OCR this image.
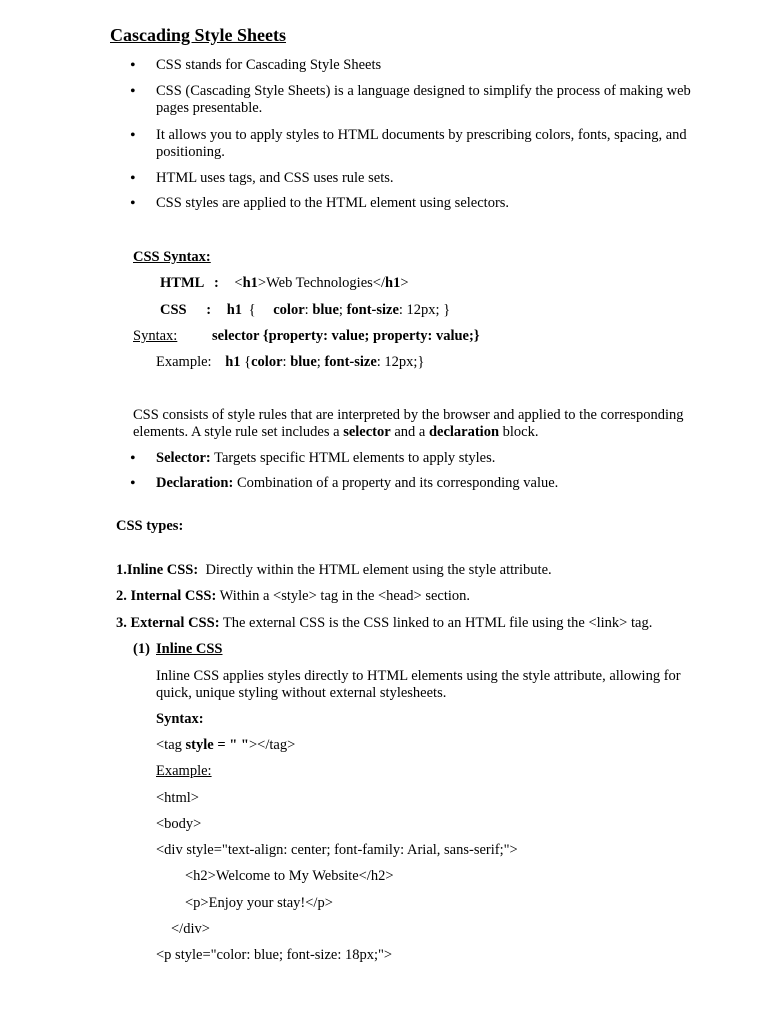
Cascading Style Sheets
• CSS stands for Cascading Style Sheets
• CSS (Cascading Style Sheets) is a language designed to simplify the process of making web pages presentable.
• It allows you to apply styles to HTML documents by prescribing colors, fonts, spacing, and positioning.
• HTML uses tags, and CSS uses rule sets.
• CSS styles are applied to the HTML element using selectors.
CSS Syntax:
HTML : <h1>Web Technologies</h1>
CSS : h1 { color: blue; font-size: 12px; }
Syntax: selector {property: value; property: value;}
Example: h1 {color: blue; font-size: 12px;}
CSS consists of style rules that are interpreted by the browser and applied to the corresponding elements. A style rule set includes a selector and a declaration block.
• Selector: Targets specific HTML elements to apply styles.
• Declaration: Combination of a property and its corresponding value.
CSS types:
1.Inline CSS:  Directly within the HTML element using the style attribute.
2. Internal CSS: Within a <style> tag in the <head> section.
3. External CSS: The external CSS is the CSS linked to an HTML file using the <link> tag.
(1) Inline CSS
Inline CSS applies styles directly to HTML elements using the style attribute, allowing for quick, unique styling without external stylesheets.
Syntax:
<tag style = " "></tag>
Example:
<html>
<body>
<div style="text-align: center; font-family: Arial, sans-serif;">
<h2>Welcome to My Website</h2>
<p>Enjoy your stay!</p>
</div>
<p style="color: blue; font-size: 18px;">
